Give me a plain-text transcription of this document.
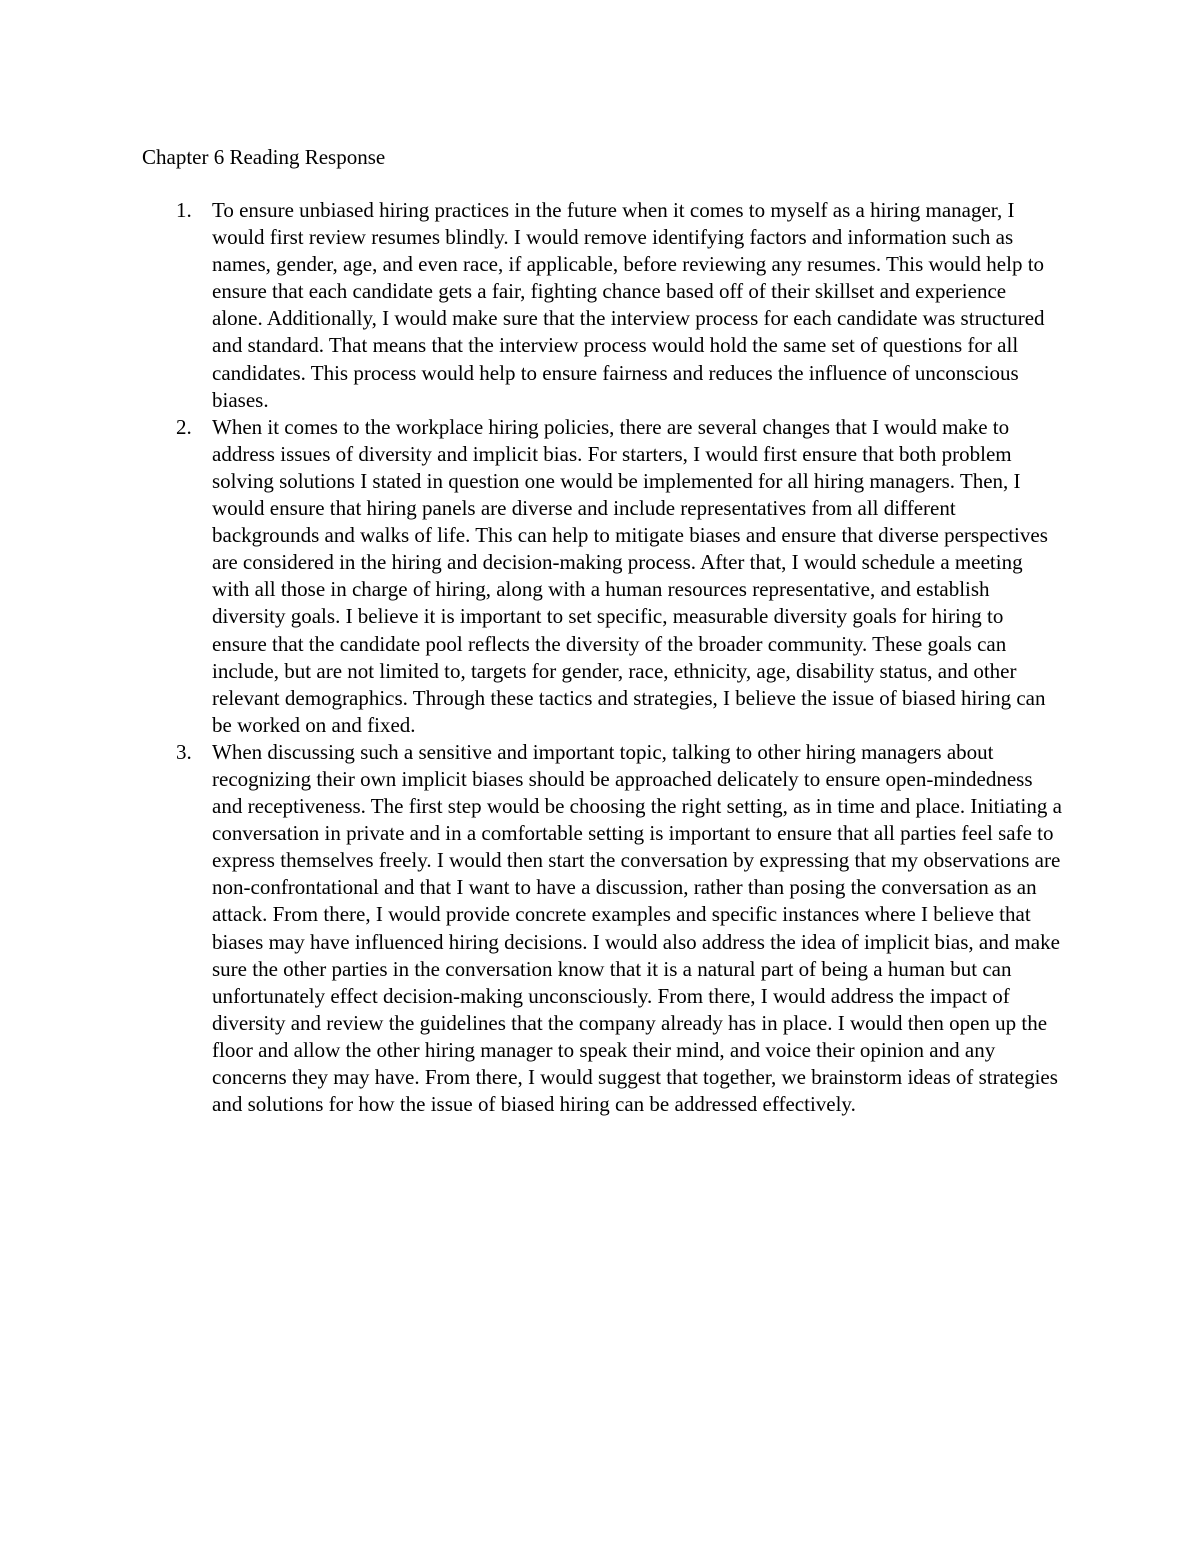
Chapter 6 Reading Response
1. To ensure unbiased hiring practices in the future when it comes to myself as a hiring manager, I would first review resumes blindly. I would remove identifying factors and information such as names, gender, age, and even race, if applicable, before reviewing any resumes. This would help to ensure that each candidate gets a fair, fighting chance based off of their skillset and experience alone. Additionally, I would make sure that the interview process for each candidate was structured and standard. That means that the interview process would hold the same set of questions for all candidates. This process would help to ensure fairness and reduces the influence of unconscious biases.
2. When it comes to the workplace hiring policies, there are several changes that I would make to address issues of diversity and implicit bias. For starters, I would first ensure that both problem solving solutions I stated in question one would be implemented for all hiring managers. Then, I would ensure that hiring panels are diverse and include representatives from all different backgrounds and walks of life. This can help to mitigate biases and ensure that diverse perspectives are considered in the hiring and decision-making process. After that, I would schedule a meeting with all those in charge of hiring, along with a human resources representative, and establish diversity goals. I believe it is important to set specific, measurable diversity goals for hiring to ensure that the candidate pool reflects the diversity of the broader community. These goals can include, but are not limited to, targets for gender, race, ethnicity, age, disability status, and other relevant demographics. Through these tactics and strategies, I believe the issue of biased hiring can be worked on and fixed.
3. When discussing such a sensitive and important topic, talking to other hiring managers about recognizing their own implicit biases should be approached delicately to ensure open-mindedness and receptiveness. The first step would be choosing the right setting, as in time and place. Initiating a conversation in private and in a comfortable setting is important to ensure that all parties feel safe to express themselves freely. I would then start the conversation by expressing that my observations are non-confrontational and that I want to have a discussion, rather than posing the conversation as an attack. From there, I would provide concrete examples and specific instances where I believe that biases may have influenced hiring decisions. I would also address the idea of implicit bias, and make sure the other parties in the conversation know that it is a natural part of being a human but can unfortunately effect decision-making unconsciously. From there, I would address the impact of diversity and review the guidelines that the company already has in place. I would then open up the floor and allow the other hiring manager to speak their mind, and voice their opinion and any concerns they may have. From there, I would suggest that together, we brainstorm ideas of strategies and solutions for how the issue of biased hiring can be addressed effectively.
